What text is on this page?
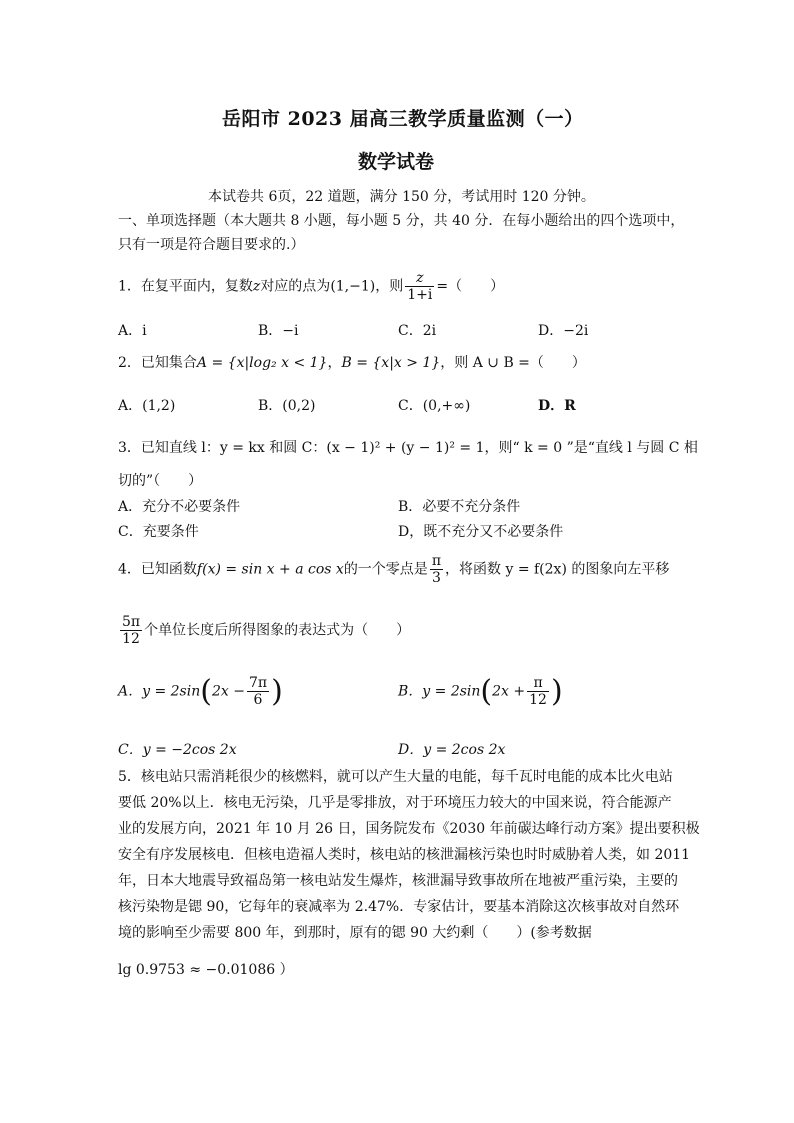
岳阳市 2023 届高三教学质量监测（一）
数学试卷
本试卷共 6页，22 道题，满分 150 分，考试用时 120 分钟。
一、单项选择题（本大题共 8 小题，每小题 5 分，共 40 分．在每小题给出的四个选项中，
只有一项是符合题目要求的.）
1．在复平面内，复数z对应的点为(1,−1)，则 $\frac{z}{1+i}$ =（　　）
A．i	B．−i	C．2i	D．−2i
2．已知集合A = {x|log₂ x < 1}，B = {x|x > 1}，则 A ∪ B =（　　）
A．(1,2)	B．(0,2)	C．(0,+∞)	D．R
3．已知直线 l：y = kx 和圆 C：(x − 1)² + (y − 1)² = 1，则“ k = 0 ”是“直线 l 与圆 C 相
切的”（　　）
A．充分不必要条件	B．必要不充分条件
C．充要条件	D，既不充分又不必要条件
4．已知函数f(x) = sin x + a cos x的一个零点是 $\frac{\pi}{3}$ ，将函数 y = f(2x) 的图象向左平移
$\frac{5\pi}{12}$ 个单位长度后所得图象的表达式为（　　）
A．$y = 2\sin(2x - \frac{7\pi}{6}$ )	B．$y = 2\sin(2x + \frac{\pi}{12}$ )
C．y = −2cos 2x	D．y = 2cos 2x
5．核电站只需消耗很少的核燃料，就可以产生大量的电能，每千瓦时电能的成本比火电站
要低 20%以上．核电无污染，几乎是零排放，对于环境压力较大的中国来说，符合能源产
业的发展方向，2021 年 10 月 26 日，国务院发布《2030 年前碳达峰行动方案》提出要积极
安全有序发展核电．但核电造福人类时，核电站的核泄漏核污染也时时威胁着人类，如 2011
年，日本大地震导致福岛第一核电站发生爆炸，核泄漏导致事故所在地被严重污染，主要的
核污染物是锶 90，它每年的衰减率为 2.47%．专家估计，要基本消除这次核事故对自然环
境的影响至少需要 800 年，到那时，原有的锶 90 大约剩（　　）(参考数据
lg 0.9753 ≈ −0.01086 ）
